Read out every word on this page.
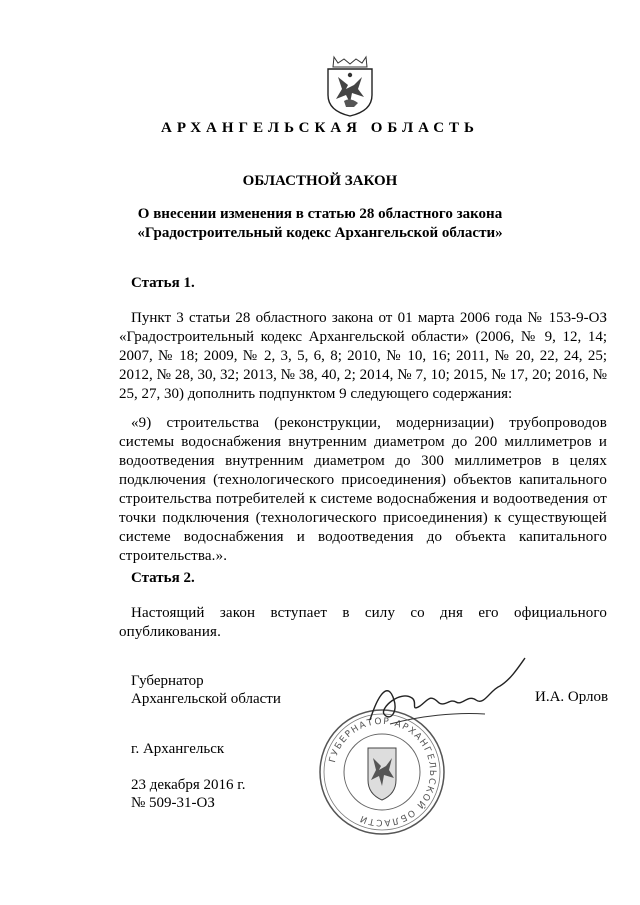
АРХАНГЕЛЬСКАЯ ОБЛАСТЬ
ОБЛАСТНОЙ ЗАКОН
О внесении изменения в статью 28 областного закона
«Градостроительный кодекс Архангельской области»
Статья 1.

Пункт 3 статьи 28 областного закона от 01 марта 2006 года № 153-9-ОЗ «Градостроительный кодекс Архангельской области» (2006, № 9, 12, 14; 2007, № 18; 2009, № 2, 3, 5, 6, 8; 2010, № 10, 16; 2011, № 20, 22, 24, 25; 2012, № 28, 30, 32; 2013, № 38, 40, 2; 2014, № 7, 10; 2015, № 17, 20; 2016, № 25, 27, 30) дополнить подпунктом 9 следующего содержания:

«9) строительства (реконструкции, модернизации) трубопроводов системы водоснабжения внутренним диаметром до 200 миллиметров и водоотведения внутренним диаметром до 300 миллиметров в целях подключения (технологического присоединения) объектов капитального строительства потребителей к системе водоснабжения и водоотведения от точки подключения (технологического присоединения) к существующей системе водоснабжения и водоотведения до объекта капитального строительства.».

Статья 2.

Настоящий закон вступает в силу со дня его официального опубликования.

Губернатор
Архангельской области	И.А. Орлов
ГУБЕРНАТОР АРХАНГЕЛЬСКОЙ ОБЛАСТИ
г. Архангельск
23 декабря 2016 г.
№ 509-31-ОЗ
